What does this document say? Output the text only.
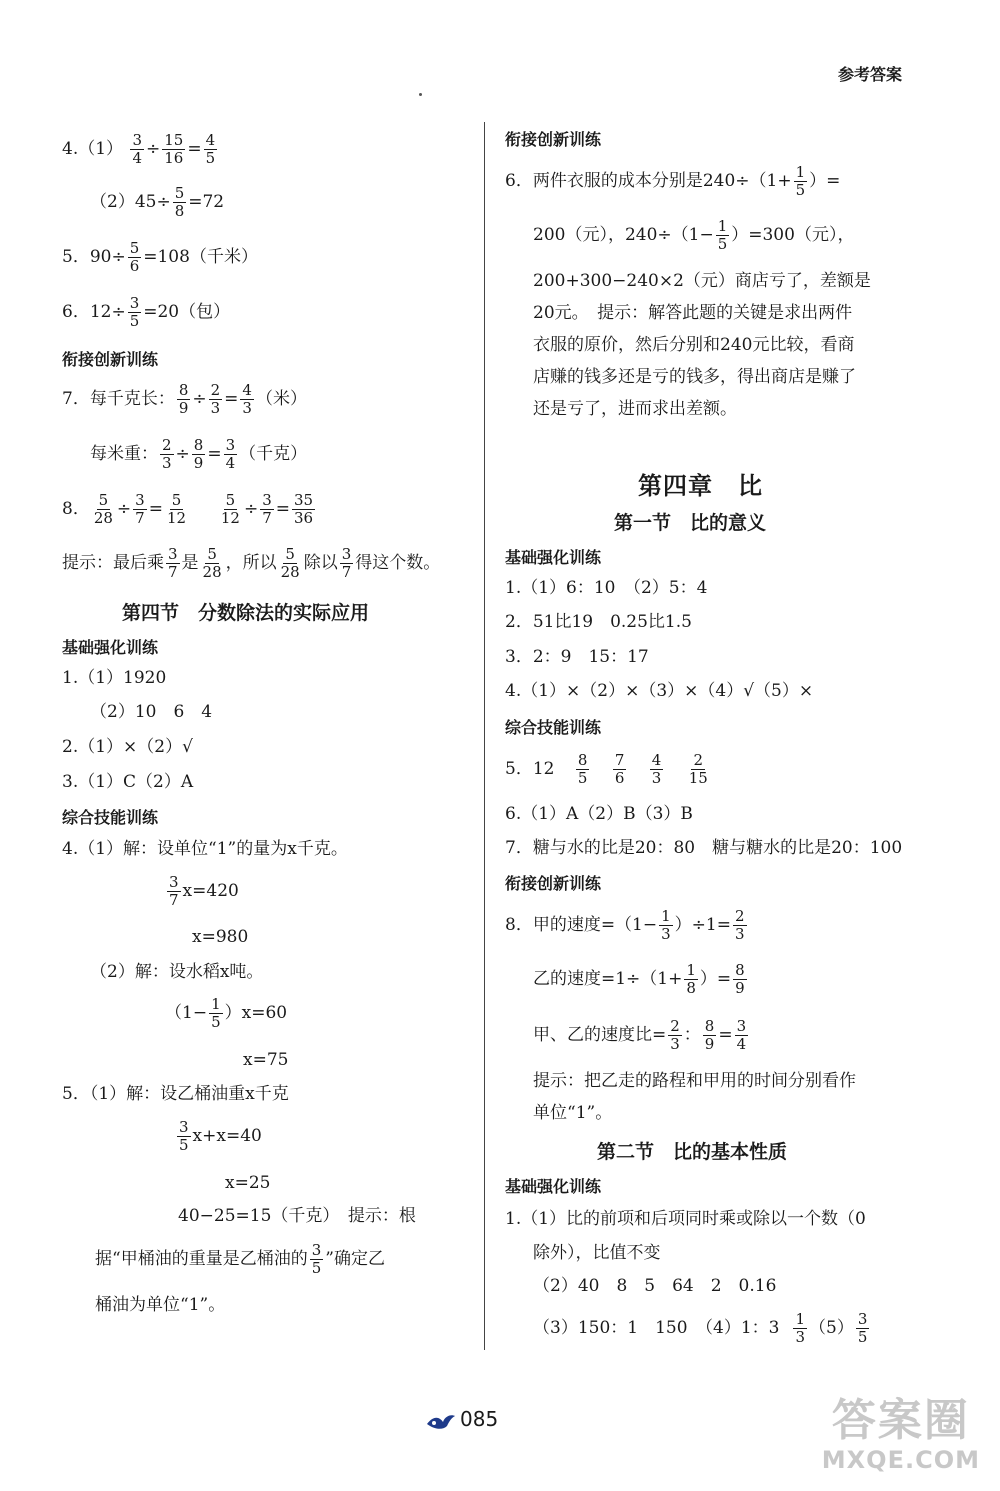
参考答案
$4.(1) \frac{3}{4} \div \frac{15}{16} = \frac{4}{5}$
$(2)45\div \frac{5}{8} =72$
5．$90\div \frac{5}{6} =108$（千米）
6．$12\div \frac{3}{5} =20$（包）
衔接创新训练
7．每千克长： $\frac{8}{9} \div \frac{2}{3} = \frac{4}{3}$ （米）
每米重： $\frac{2}{3} \div \frac{8}{9} = \frac{3}{4}$ （千克）
8． $\frac{5}{28} \div \frac{3}{7} = \frac{5}{12}$
$\frac{5}{12} \div \frac{3}{7} = \frac{35}{36}$
提示：最后乘 $\frac{3}{7}$ 是 $\frac{5}{28}$ ，所以 $\frac{5}{28}$ 除以 $\frac{3}{7}$ 得这个数。
第四节　分数除法的实际应用
基础强化训练
1.（1）1920
（2）10　6　4
2.（1）×（2）√
3.（1）C（2）A
综合技能训练
4.（1）解：设单位“1”的量为x千克。
$\frac{3}{7} x=420$
x=980
（2）解：设水稻x吨。
$(1- \frac{1}{5} )x=60$
x=75
5．（1）解：设乙桶油重x千克
$\frac{3}{5} x+x=40$
x=25
40−25=15（千克）　提示：根
据“甲桶油的重量是乙桶油的 $\frac{3}{5}$ ”确定乙
桶油为单位“1”。
衔接创新训练
6．两件衣服的成本分别是$240\div(1+ \frac{1}{5}$ ）=
200（元），$240\div(1- \frac{1}{5} )=300$（元），
200+300−240×2（元）商店亏了，差额是
20元。　提示：解答此题的关键是求出两件
衣服的原价，然后分别和240元比较，看商
店赚的钱多还是亏的钱多，得出商店是赚了
还是亏了，进而求出差额。
第四章　比
第一节　比的意义
基础强化训练
1.（1）6：10　（2）5：4
2．51比19　0.25比1.5
3．2：9　15：17
4.（1）×（2）×（3）×（4）√（5）×
综合技能训练
5．$12 \frac{8}{5}$
$\frac{7}{6}$
$\frac{4}{3}$
$\frac{2}{15}$
6.（1）A（2）B（3）B
7．糖与水的比是20：80　糖与糖水的比是20：100
衔接创新训练
8．甲的速度$=(1- \frac{1}{3} )\div 1= \frac{2}{3}$
乙的速度$=1\div(1+ \frac{1}{8}$ ）= $\frac{8}{9}$
甲、乙的速度比= $\frac{2}{3}$ ： $\frac{8}{9} = \frac{3}{4}$
提示：把乙走的路程和甲用的时间分别看作
单位“1”。
第二节　比的基本性质
基础强化训练
1.（1）比的前项和后项同时乘或除以一个数（0
除外），比值不变
（2）40　8　5　64　2　0.16
（3）150：1　150　（4）1：$3 \frac{1}{3} (5) \frac{3}{5}$
085	答案圈
MXQE.COM
